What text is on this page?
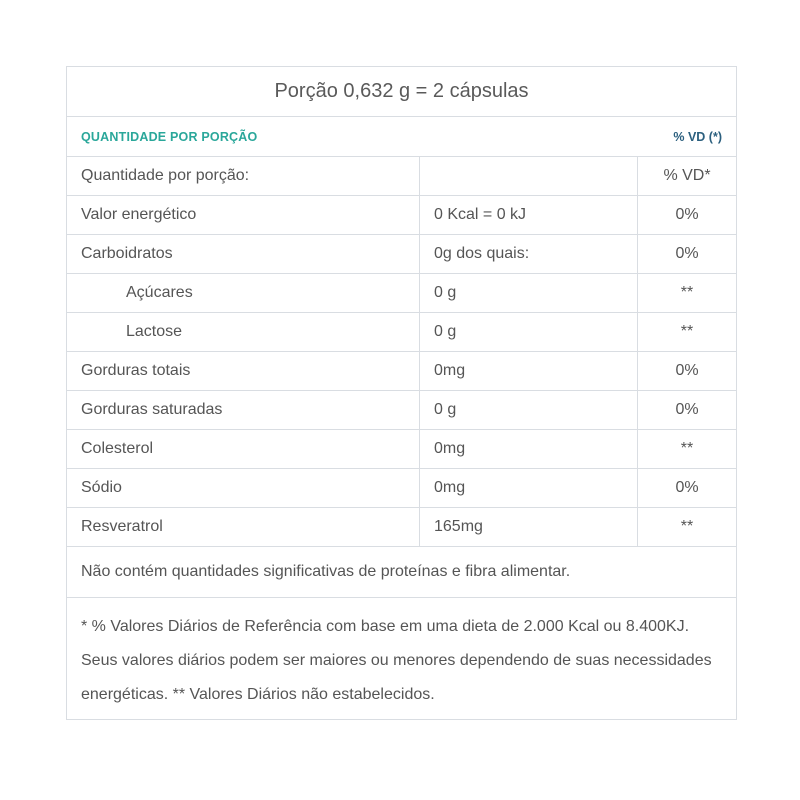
Porção 0,632 g = 2 cápsulas
QUANTIDADE POR PORÇÃO	% VD (*)
Quantidade por porção:		% VD*
Valor energético	0 Kcal = 0 kJ	0%
Carboidratos	0g dos quais:	0%
Açúcares	0 g	**
Lactose	0 g	**
Gorduras totais	0mg	0%
Gorduras saturadas	0 g	0%
Colesterol	0mg	**
Sódio	0mg	0%
Resveratrol	165mg	**
Não contém quantidades significativas de proteínas e fibra alimentar.
* % Valores Diários de Referência com base em uma dieta de 2.000 Kcal ou 8.400KJ. Seus valores diários podem ser maiores ou menores dependendo de suas necessidades energéticas. ** Valores Diários não estabelecidos.
